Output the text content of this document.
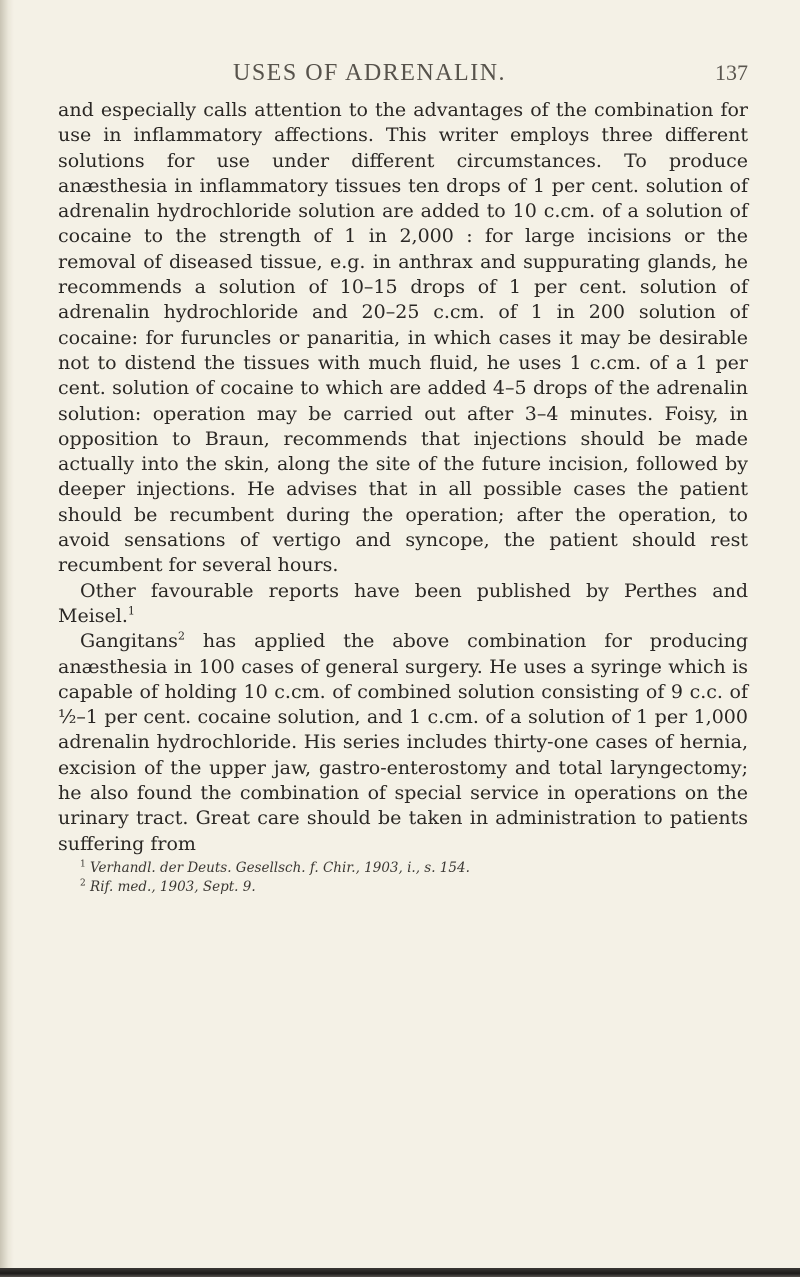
USES OF ADRENALIN.	137

and especially calls attention to the advantages of the combination for use in inflammatory affections. This writer employs three different solutions for use under different circumstances. To produce anæsthesia in inflammatory tissues ten drops of 1 per cent. solution of adrenalin hydrochloride solution are added to 10 c.cm. of a solution of cocaine to the strength of 1 in 2,000 : for large incisions or the removal of diseased tissue, e.g. in anthrax and suppurating glands, he recommends a solution of 10–15 drops of 1 per cent. solution of adrenalin hydrochloride and 20–25 c.cm. of 1 in 200 solution of cocaine: for furuncles or panaritia, in which cases it may be desirable not to distend the tissues with much fluid, he uses 1 c.cm. of a 1 per cent. solution of cocaine to which are added 4–5 drops of the adrenalin solution: operation may be carried out after 3–4 minutes. Foisy, in opposition to Braun, recommends that injections should be made actually into the skin, along the site of the future incision, followed by deeper injections. He advises that in all possible cases the patient should be recumbent during the operation; after the operation, to avoid sensations of vertigo and syncope, the patient should rest recumbent for several hours.

Other favourable reports have been published by Perthes and Meisel.$^1$

Gangitans$^2$ has applied the above combination for producing anæsthesia in 100 cases of general surgery. He uses a syringe which is capable of holding 10 c.cm. of combined solution consisting of 9 c.c. of ½–1 per cent. cocaine solution, and 1 c.cm. of a solution of 1 per 1,000 adrenalin hydrochloride. His series includes thirty-one cases of hernia, excision of the upper jaw, gastro-enterostomy and total laryngectomy; he also found the combination of special service in operations on the urinary tract. Great care should be taken in administration to patients suffering from

$^1$ Verhandl. der Deuts. Gesellsch. f. Chir., 1903, i., s. 154.
$^2$ Rif. med., 1903, Sept. 9.
